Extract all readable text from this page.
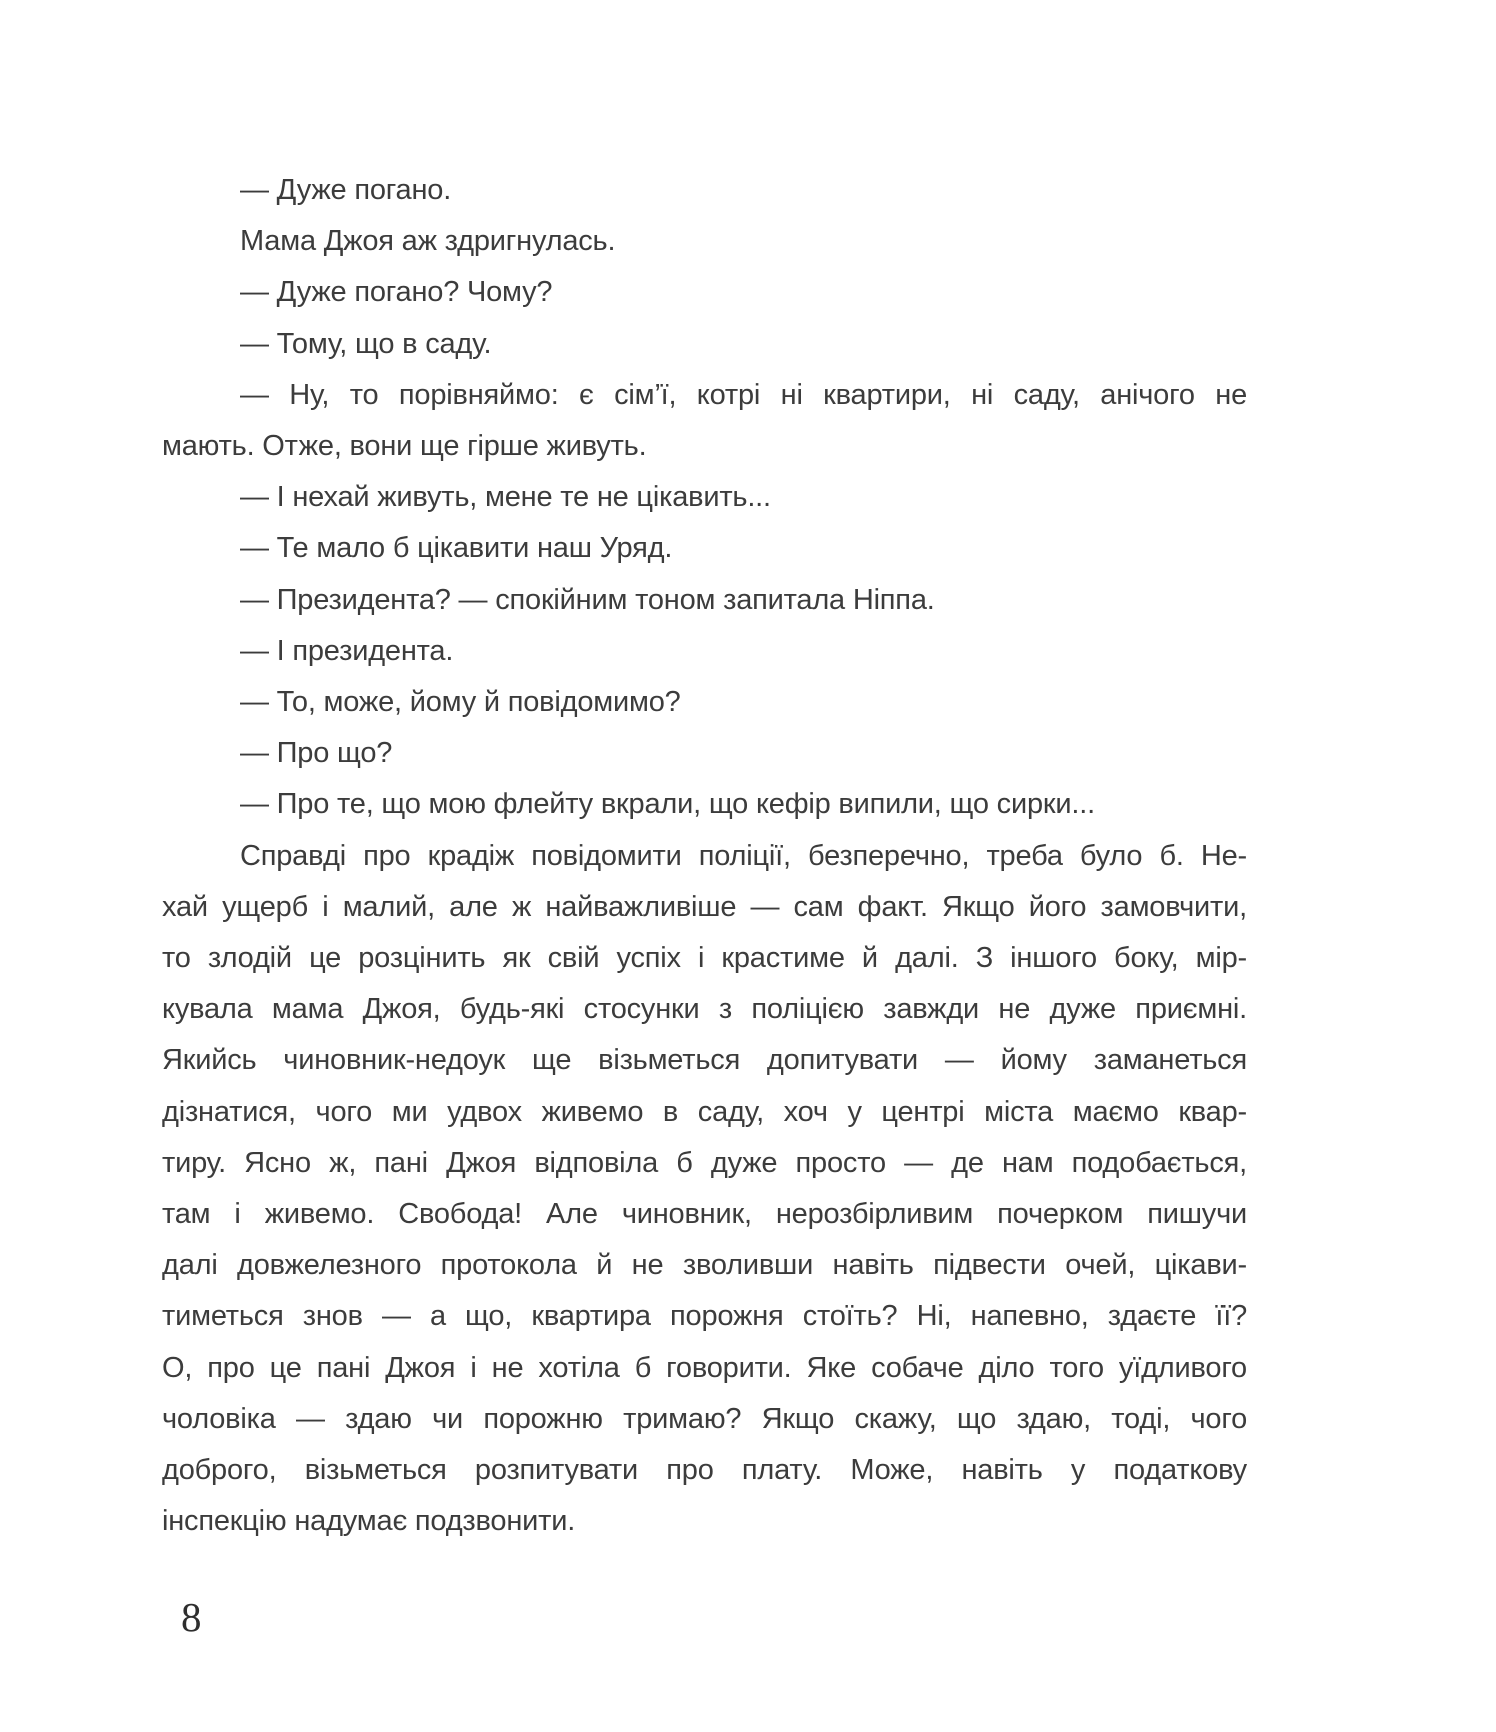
— Дуже погано.
Мама Джоя аж здригнулась.
— Дуже погано? Чому?
— Тому, що в саду.
— Ну, то порівняймо: є сім’ї, котрі ні квартири, ні саду, анічого не
мають. Отже, вони ще гірше живуть.
— І нехай живуть, мене те не цікавить...
— Те мало б цікавити наш Уряд.
— Президента? — спокійним тоном запитала Ніппа.
— І президента.
— То, може, йому й повідомимо?
— Про що?
— Про те, що мою флейту вкрали, що кефір випили, що сирки...
Справді про крадіж повідомити поліції, безперечно, треба було б. Не-
хай ущерб і малий, але ж найважливіше — сам факт. Якщо його замовчити,
то злодій це розцінить як свій успіх і крастиме й далі. З іншого боку, мір-
кувала мама Джоя, будь-які стосунки з поліцією завжди не дуже приємні.
Якийсь чиновник-недоук ще візьметься допитувати — йому заманеться
дізнатися, чого ми удвох живемо в саду, хоч у центрі міста маємо квар-
тиру. Ясно ж, пані Джоя відповіла б дуже просто — де нам подобається,
там і живемо. Свобода! Але чиновник, нерозбірливим почерком пишучи
далі довжелезного протокола й не зволивши навіть підвести очей, цікави-
тиметься знов — а що, квартира порожня стоїть? Ні, напевно, здаєте її?
О, про це пані Джоя і не хотіла б говорити. Яке собаче діло того уїдливого
чоловіка — здаю чи порожню тримаю? Якщо скажу, що здаю, тоді, чого
доброго, візьметься розпитувати про плату. Може, навіть у податкову
інспекцію надумає подзвонити.
8
